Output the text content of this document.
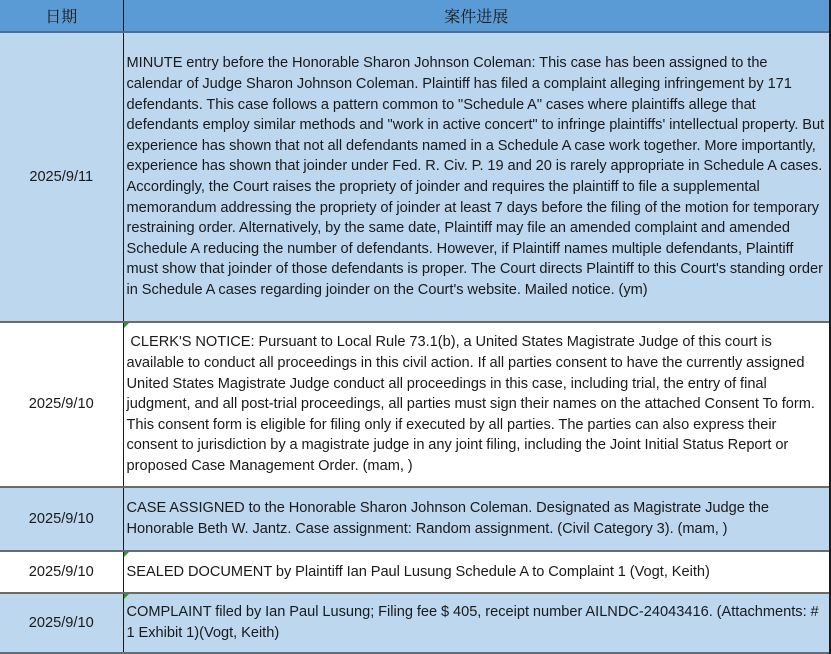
日期	案件进展
2025/9/11	MINUTE entry before the Honorable Sharon Johnson Coleman: This case has been assigned to the calendar of Judge Sharon Johnson Coleman. Plaintiff has filed a complaint alleging infringement by 171 defendants. This case follows a pattern common to "Schedule A" cases where plaintiffs allege that defendants employ similar methods and "work in active concert" to infringe plaintiffs' intellectual property. But experience has shown that not all defendants named in a Schedule A case work together. More importantly, experience has shown that joinder under Fed. R. Civ. P. 19 and 20 is rarely appropriate in Schedule A cases. Accordingly, the Court raises the propriety of joinder and requires the plaintiff to file a supplemental memorandum addressing the propriety of joinder at least 7 days before the filing of the motion for temporary restraining order. Alternatively, by the same date, Plaintiff may file an amended complaint and amended Schedule A reducing the number of defendants. However, if Plaintiff names multiple defendants, Plaintiff must show that joinder of those defendants is proper. The Court directs Plaintiff to this Court's standing order in Schedule A cases regarding joinder on the Court's website. Mailed notice. (ym)

2025/9/10	CLERK'S NOTICE: Pursuant to Local Rule 73.1(b), a United States Magistrate Judge of this court is available to conduct all proceedings in this civil action. If all parties consent to have the currently assigned United States Magistrate Judge conduct all proceedings in this case, including trial, the entry of final judgment, and all post-trial proceedings, all parties must sign their names on the attached Consent To form. This consent form is eligible for filing only if executed by all parties. The parties can also express their consent to jurisdiction by a magistrate judge in any joint filing, including the Joint Initial Status Report or proposed Case Management Order. (mam, )

2025/9/10	CASE ASSIGNED to the Honorable Sharon Johnson Coleman. Designated as Magistrate Judge the Honorable Beth W. Jantz. Case assignment: Random assignment. (Civil Category 3). (mam, )

2025/9/10	SEALED DOCUMENT by Plaintiff Ian Paul Lusung Schedule A to Complaint 1 (Vogt, Keith)

2025/9/10	COMPLAINT filed by Ian Paul Lusung; Filing fee $ 405, receipt number AILNDC-24043416. (Attachments: # 1 Exhibit 1)(Vogt, Keith)
